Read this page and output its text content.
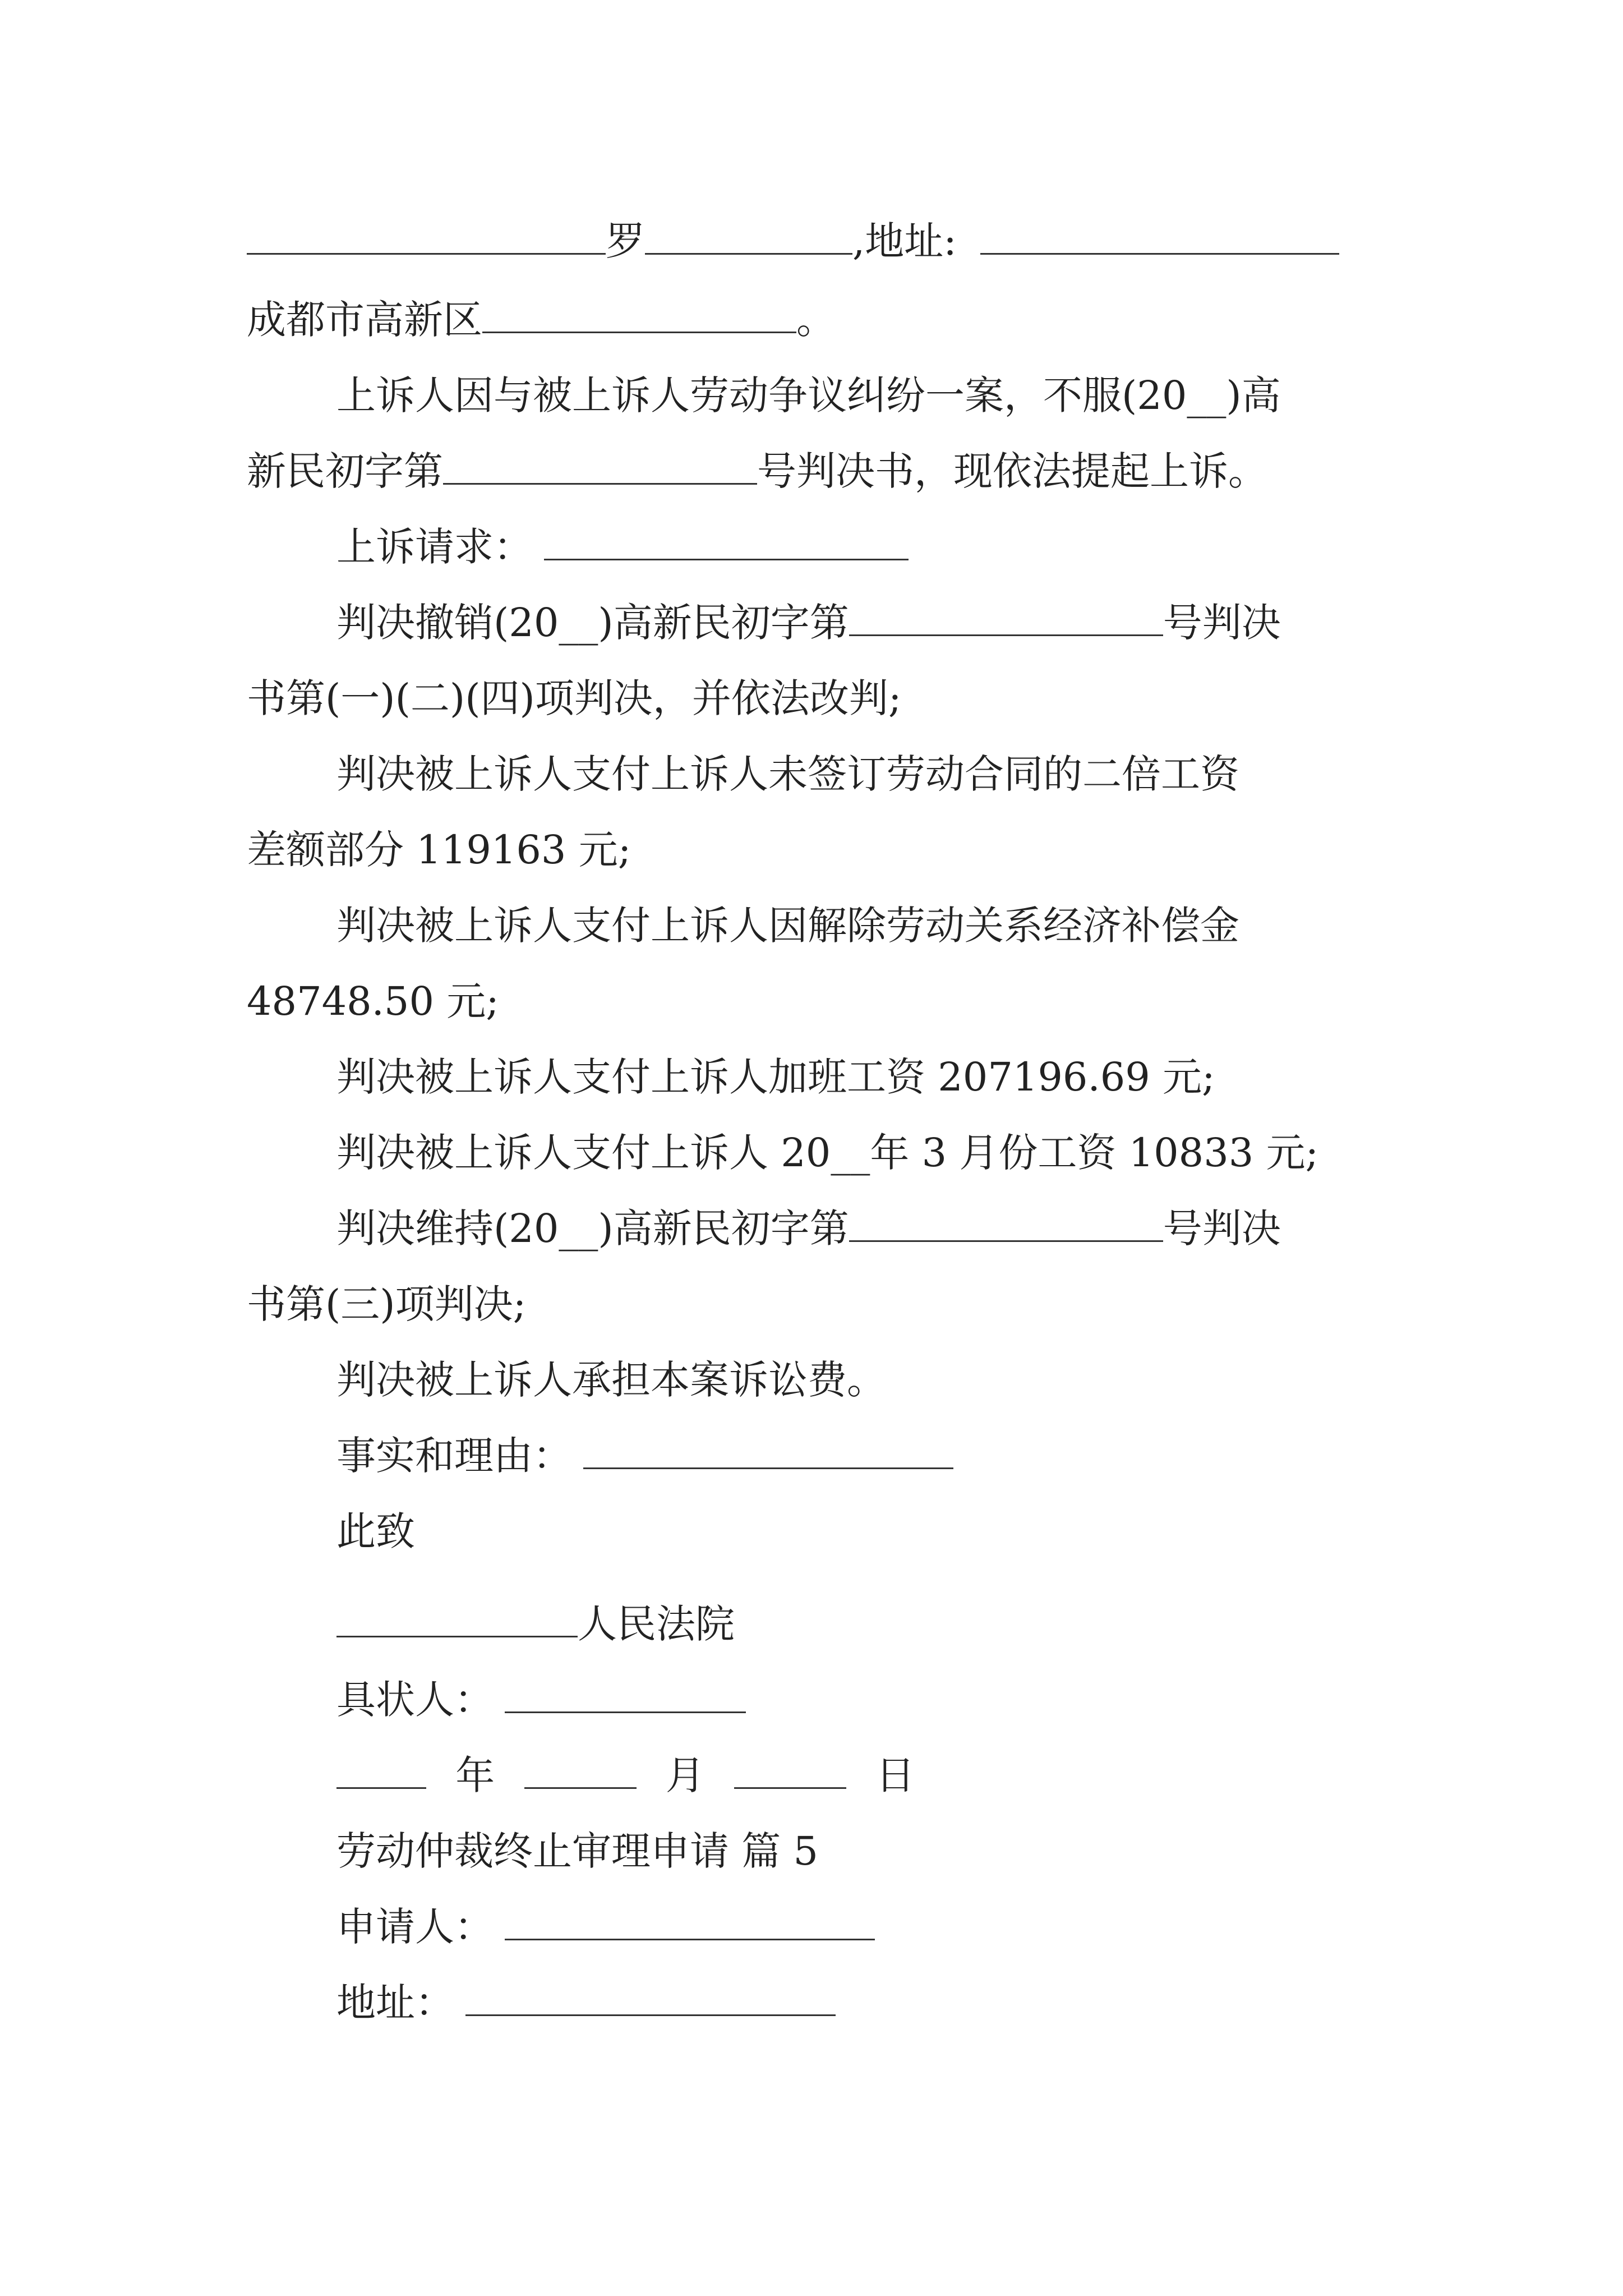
罗	,地址:
成都市高新区	。
上诉人因与被上诉人劳动争议纠纷一案，不服(20__)高
新民初字第	号判决书，现依法提起上诉。
上诉请求：
判决撤销(20__)高新民初字第	号判决
书第(一)(二)(四)项判决，并依法改判;
判决被上诉人支付上诉人未签订劳动合同的二倍工资
差额部分 119163 元;
判决被上诉人支付上诉人因解除劳动关系经济补偿金
48748.50 元;
判决被上诉人支付上诉人加班工资 207196.69 元;
判决被上诉人支付上诉人 20__年 3 月份工资 10833 元;
判决维持(20__)高新民初字第	号判决
书第(三)项判决;
判决被上诉人承担本案诉讼费。
事实和理由：
此致
人民法院
具状人：
年	月	日
劳动仲裁终止审理申请 篇 5
申请人：
地址：
